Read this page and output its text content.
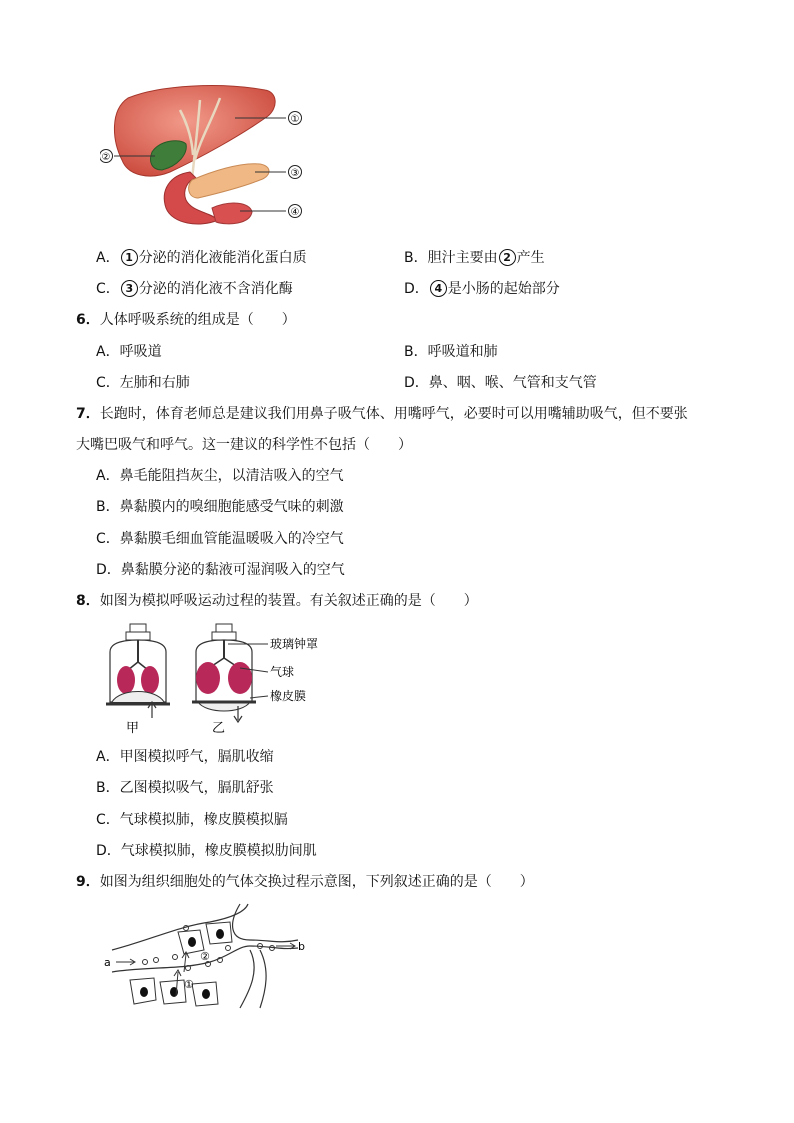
①
②
③
④
A． 1 分泌的消化液能消化蛋白质	B．胆汁主要由 2 产生
C． 3 分泌的消化液不含消化酶	D． 4 是小肠的起始部分
6．人体呼吸系统的组成是（　　）
A．呼吸道	B．呼吸道和肺
C．左肺和右肺	D．鼻、咽、喉、气管和支气管
7．长跑时，体育老师总是建议我们用鼻子吸气体、用嘴呼气，必要时可以用嘴辅助吸气，但不要张
大嘴巴吸气和呼气。这一建议的科学性不包括（　　）
A．鼻毛能阻挡灰尘，以清洁吸入的空气
B．鼻黏膜内的嗅细胞能感受气味的刺激
C．鼻黏膜毛细血管能温暖吸入的冷空气
D．鼻黏膜分泌的黏液可湿润吸入的空气
8．如图为模拟呼吸运动过程的装置。有关叙述正确的是（　　）
甲	乙
玻璃钟罩
气球
橡皮膜
A．甲图模拟呼气，膈肌收缩
B．乙图模拟吸气，膈肌舒张
C．气球模拟肺，橡皮膜模拟膈
D．气球模拟肺，橡皮膜模拟肋间肌
9．如图为组织细胞处的气体交换过程示意图，下列叙述正确的是（　　）
a
b
②
①
